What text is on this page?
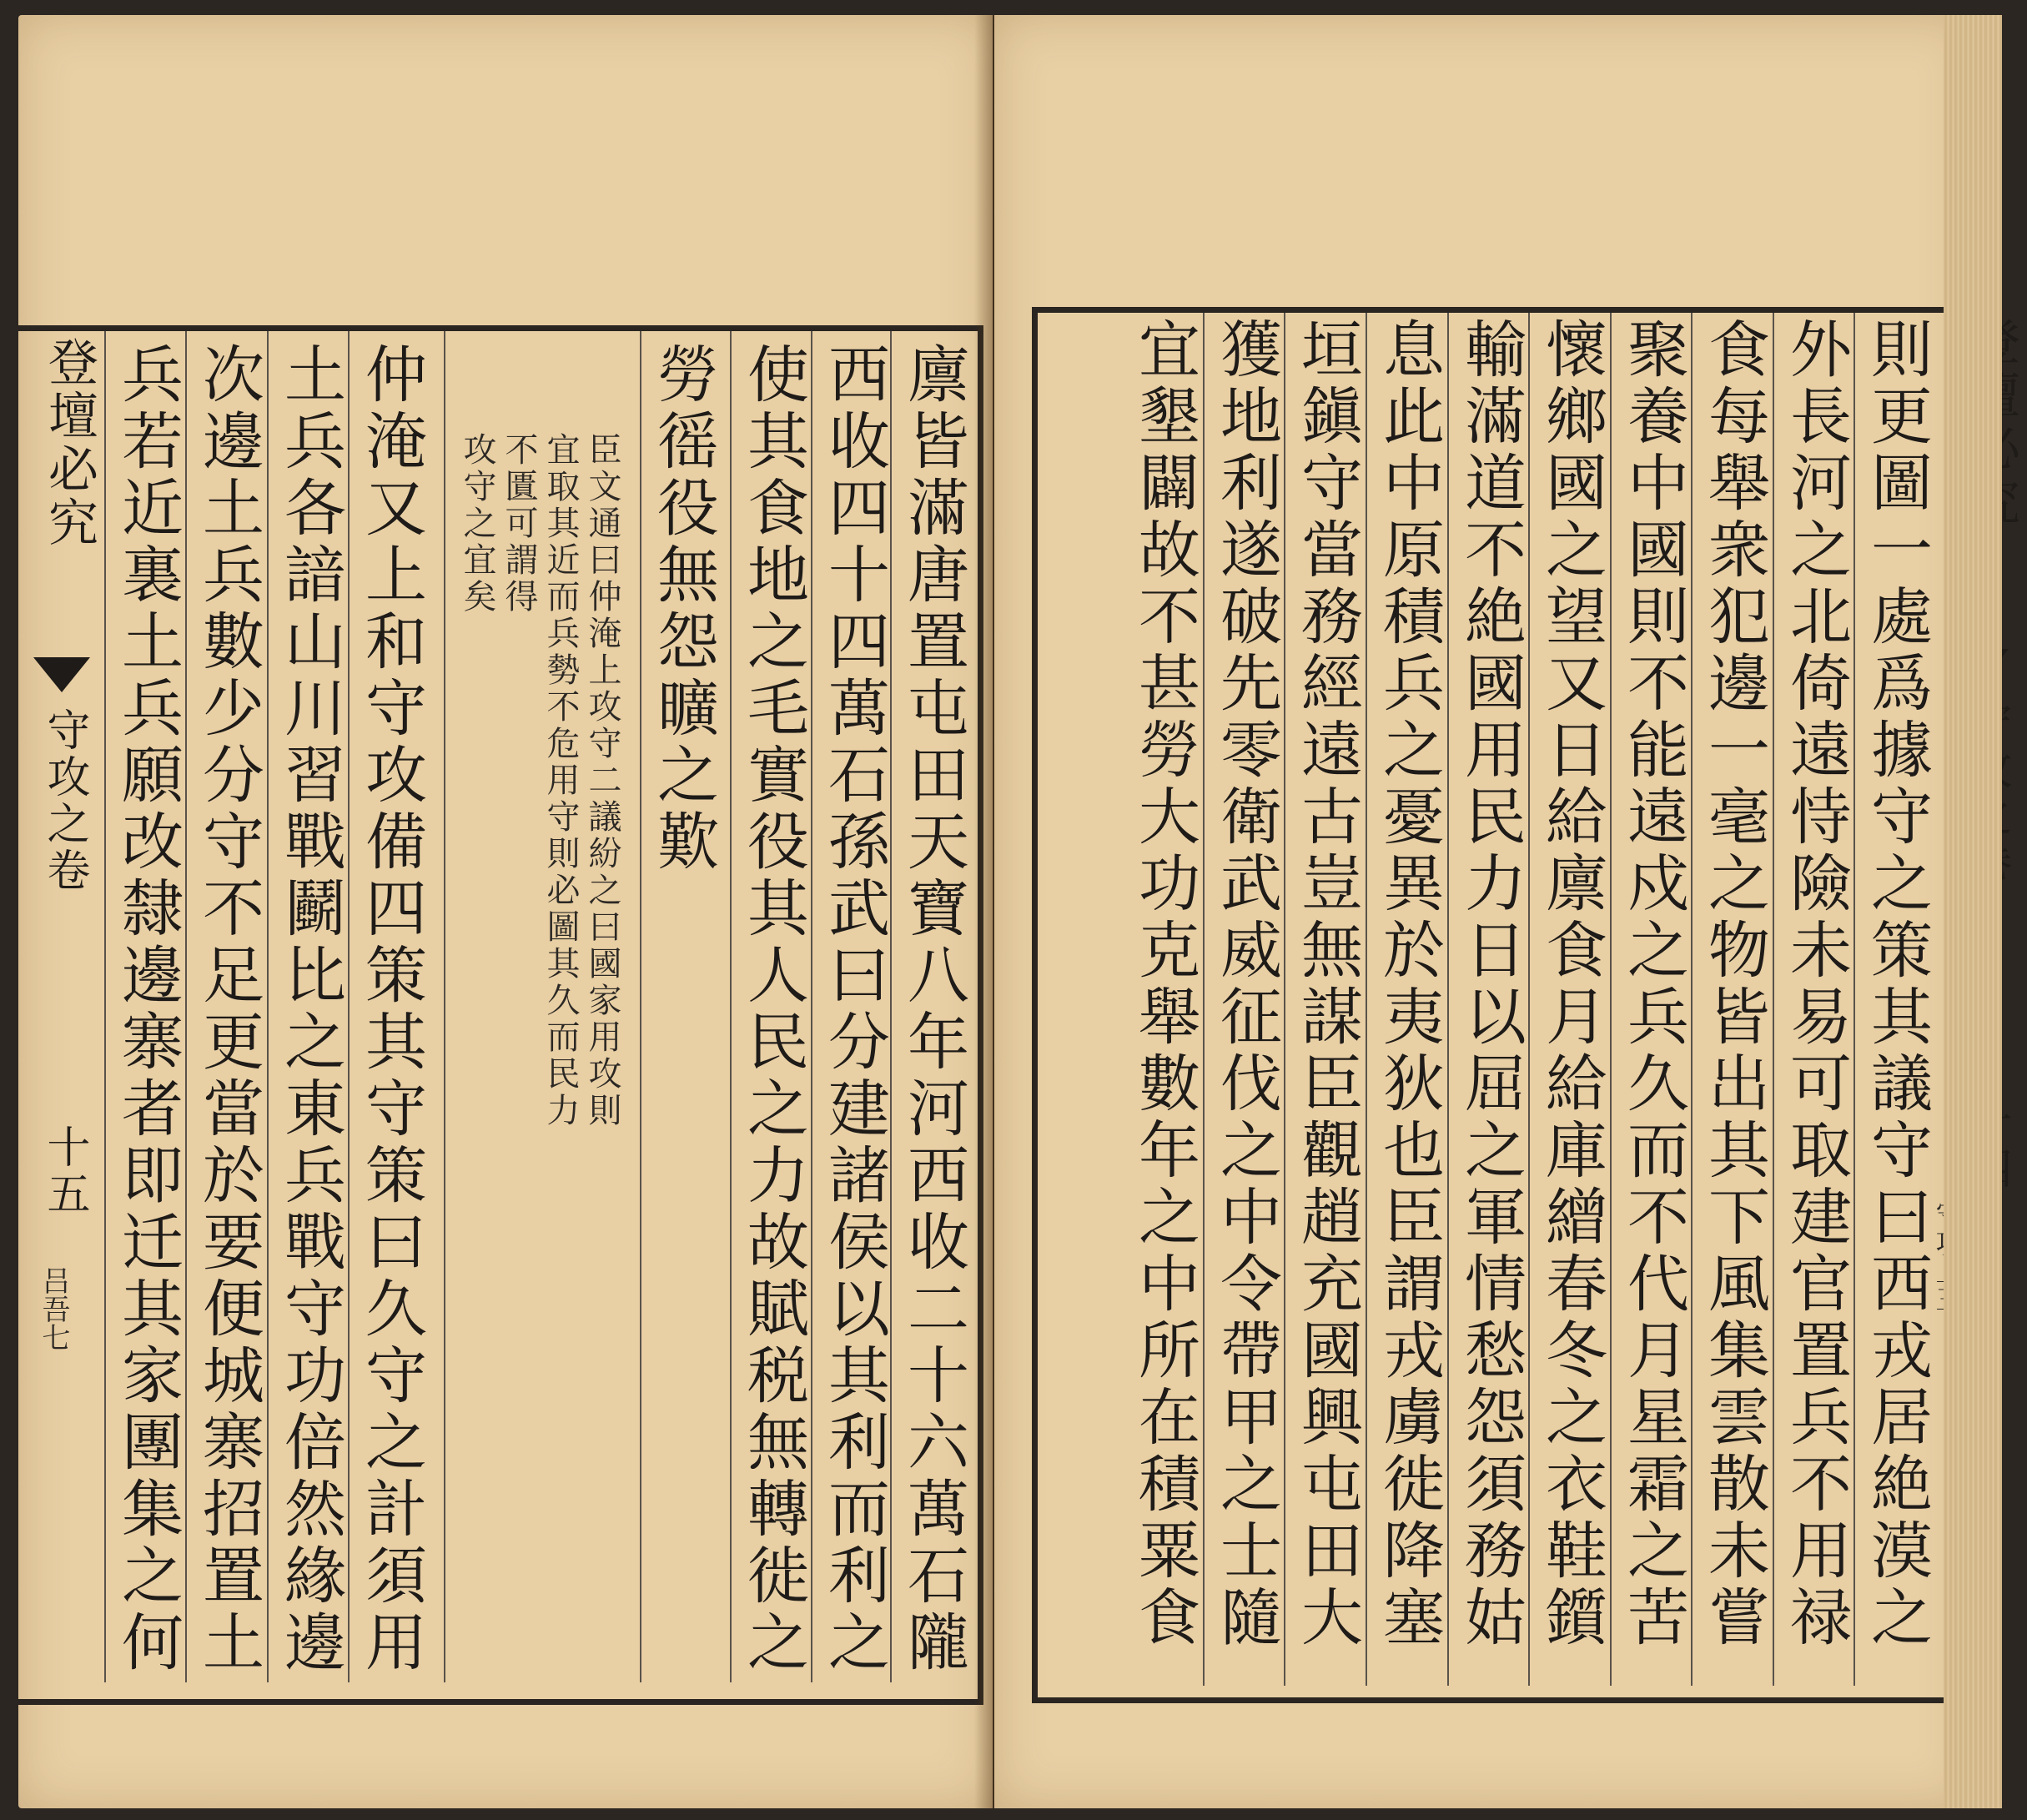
廪皆滿唐置屯田天寶八年河西收二十六萬石隴
西收四十四萬石孫武曰分建諸侯以其利而利之
使其食地之毛實役其人民之力故賦税無轉徙之
勞徭役無怨曠之歎
臣文通曰仲淹上攻守二議紛之曰國家用攻則
宜取其近而兵勢不危用守則必圖其久而民力
不匱可謂得
攻守之宜矣
仲淹又上和守攻備四策其守策曰久守之計須用
土兵各諳山川習戰鬬比之東兵戰守功倍然緣邊
次邊土兵數少分守不足更當於要便城寨招置土
兵若近裏土兵願改隸邊寨者即迁其家團集之何
登壇必究
守攻之卷
十五
吕吾七	則更圖一處爲據守之策其議守曰西戎居絶漠之
外長河之北倚遠恃險未易可取建官置兵不用禄
食每舉衆犯邊一毫之物皆出其下風集雲散未嘗
聚養中國則不能遠戍之兵久而不代月星霜之苦
懷鄉國之望又日給廪食月給庫繒春冬之衣鞋鑕
輸滿道不絶國用民力日以屈之軍情愁怨須務姑
息此中原積兵之憂異於夷狄也臣謂戎虜徙降塞
垣鎭守當務經遠古豈無謀臣觀趙充國興屯田大
獲地利遂破先零衛武威征伐之中令帶甲之士隨
宜墾闢故不甚勞大功克舉數年之中所在積粟食
